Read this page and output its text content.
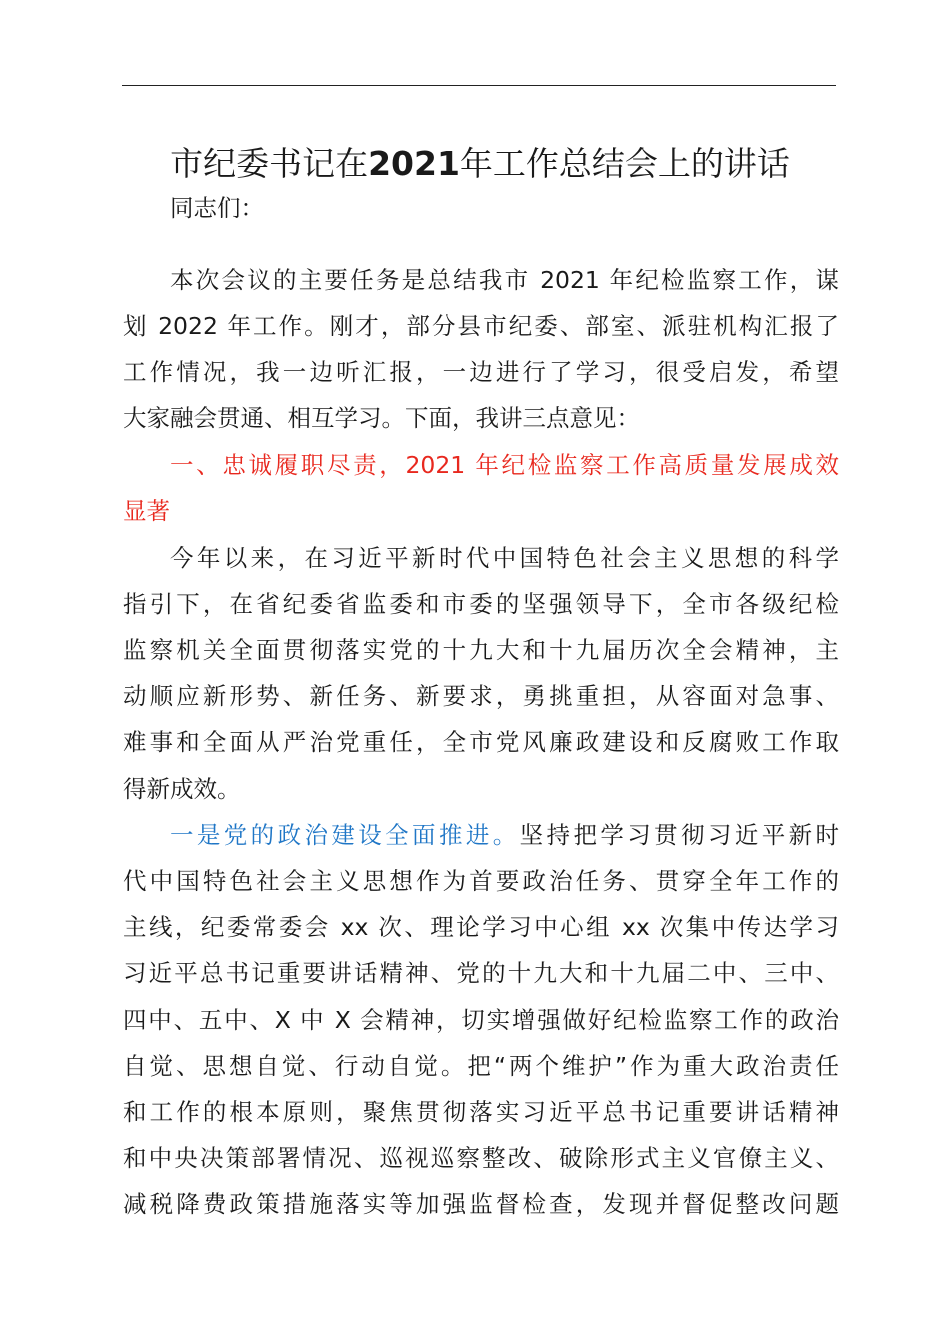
市纪委书记在2021年工作总结会上的讲话
同志们：
本次会议的主要任务是总结我市 2021 年纪检监察工作，谋
划 2022 年工作。刚才，部分县市纪委、部室、派驻机构汇报了
工作情况，我一边听汇报，一边进行了学习，很受启发，希望
大家融会贯通、相互学习。下面，我讲三点意见：
一、忠诚履职尽责，2021 年纪检监察工作高质量发展成效
显著
今年以来，在习近平新时代中国特色社会主义思想的科学
指引下，在省纪委省监委和市委的坚强领导下，全市各级纪检
监察机关全面贯彻落实党的十九大和十九届历次全会精神，主
动顺应新形势、新任务、新要求，勇挑重担，从容面对急事、
难事和全面从严治党重任，全市党风廉政建设和反腐败工作取
得新成效。
一是党的政治建设全面推进。坚持把学习贯彻习近平新时
代中国特色社会主义思想作为首要政治任务、贯穿全年工作的
主线，纪委常委会 xx 次、理论学习中心组 xx 次集中传达学习
习近平总书记重要讲话精神、党的十九大和十九届二中、三中、
四中、五中、X 中 X 会精神，切实增强做好纪检监察工作的政治
自觉、思想自觉、行动自觉。把“两个维护”作为重大政治责任
和工作的根本原则，聚焦贯彻落实习近平总书记重要讲话精神
和中央决策部署情况、巡视巡察整改、破除形式主义官僚主义、
减税降费政策措施落实等加强监督检查，发现并督促整改问题
